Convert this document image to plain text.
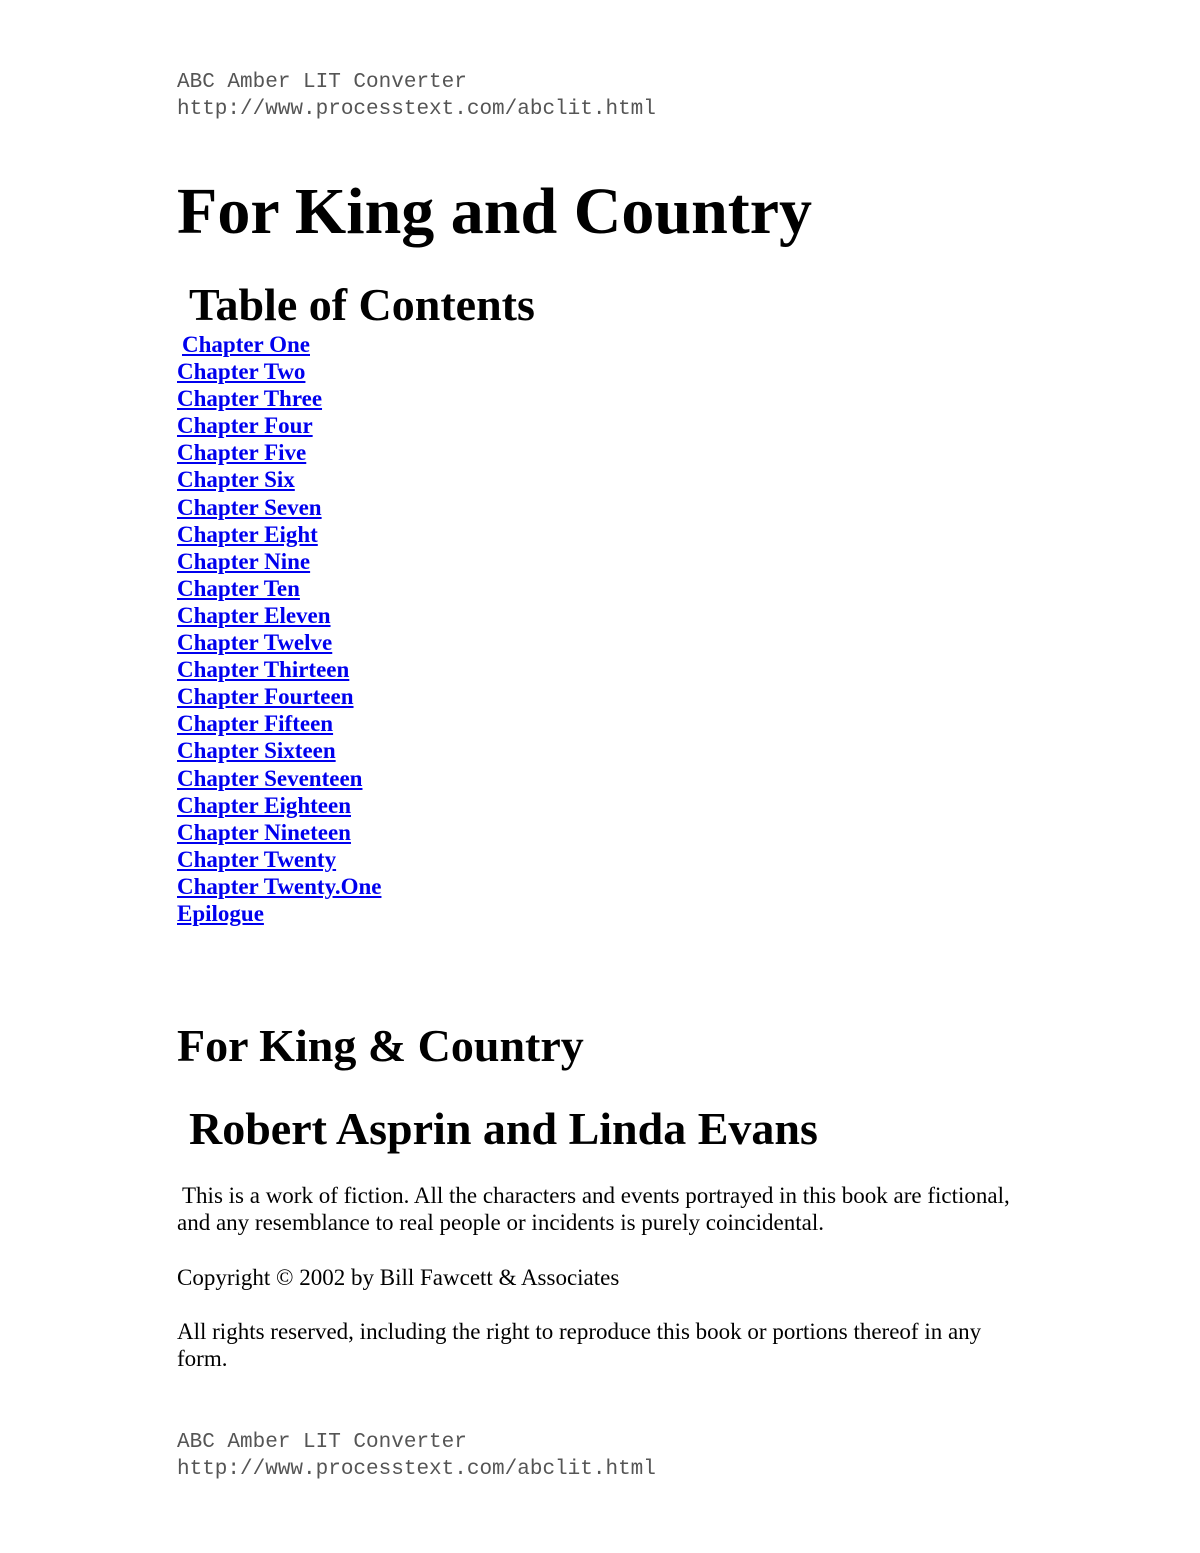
ABC Amber LIT Converter
http://www.processtext.com/abclit.html
For King and Country
Table of Contents
Chapter One
Chapter Two
Chapter Three
Chapter Four
Chapter Five
Chapter Six
Chapter Seven
Chapter Eight
Chapter Nine
Chapter Ten
Chapter Eleven
Chapter Twelve
Chapter Thirteen
Chapter Fourteen
Chapter Fifteen
Chapter Sixteen
Chapter Seventeen
Chapter Eighteen
Chapter Nineteen
Chapter Twenty
Chapter Twenty.One
Epilogue
For King & Country
Robert Asprin and Linda Evans

This is a work of fiction. All the characters and events portrayed in this book are fictional, and any resemblance to real people or incidents is purely coincidental.

Copyright © 2002 by Bill Fawcett & Associates

All rights reserved, including the right to reproduce this book or portions thereof in any form.

ABC Amber LIT Converter
http://www.processtext.com/abclit.html
